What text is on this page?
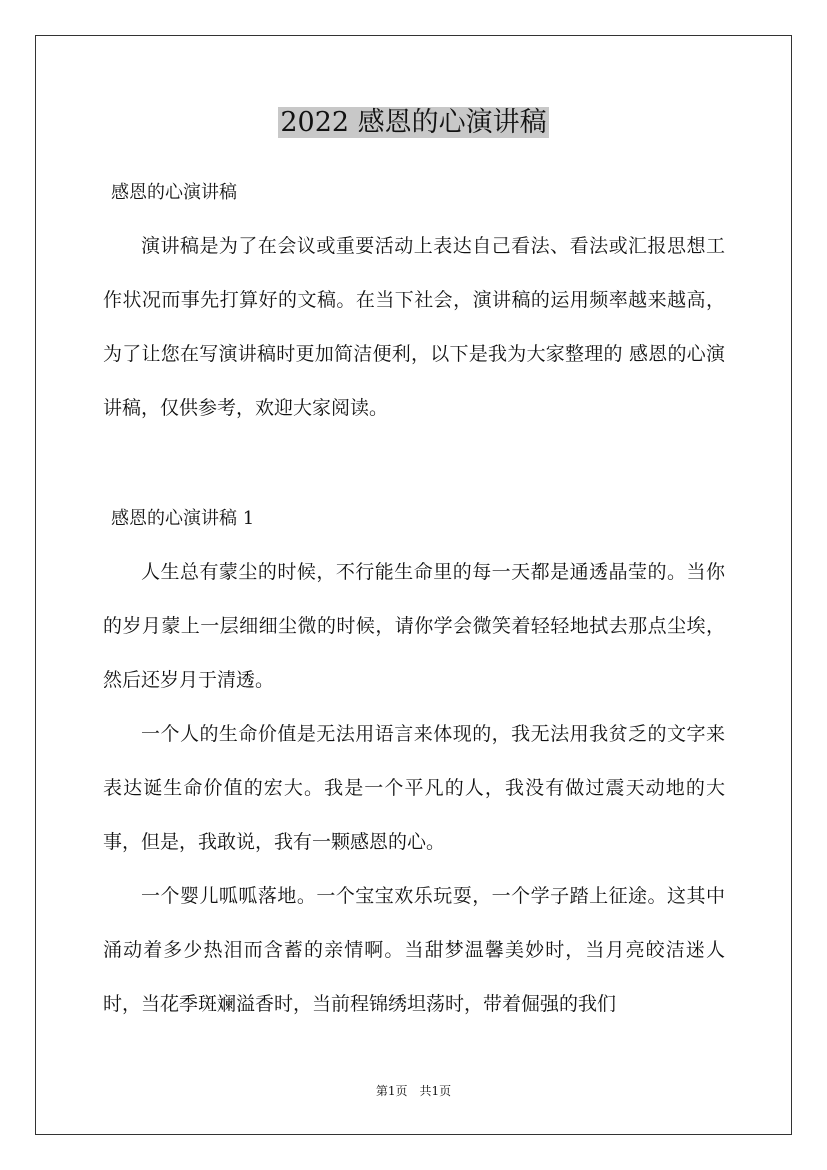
2022 感恩的心演讲稿
感恩的心演讲稿

演讲稿是为了在会议或重要活动上表达自己看法、看法或汇报思想工作状况而事先打算好的文稿。在当下社会，演讲稿的运用频率越来越高，为了让您在写演讲稿时更加简洁便利，以下是我为大家整理的 感恩的心演讲稿，仅供参考，欢迎大家阅读。

感恩的心演讲稿 1

人生总有蒙尘的时候，不行能生命里的每一天都是通透晶莹的。当你的岁月蒙上一层细细尘微的时候，请你学会微笑着轻轻地拭去那点尘埃，然后还岁月于清透。

一个人的生命价值是无法用语言来体现的，我无法用我贫乏的文字来表达诞生命价值的宏大。我是一个平凡的人，我没有做过震天动地的大事，但是，我敢说，我有一颗感恩的心。

一个婴儿呱呱落地。一个宝宝欢乐玩耍，一个学子踏上征途。这其中涌动着多少热泪而含蓄的亲情啊。当甜梦温馨美妙时，当月亮皎洁迷人时，当花季斑斓溢香时，当前程锦绣坦荡时，带着倔强的我们

第1页　共1页
